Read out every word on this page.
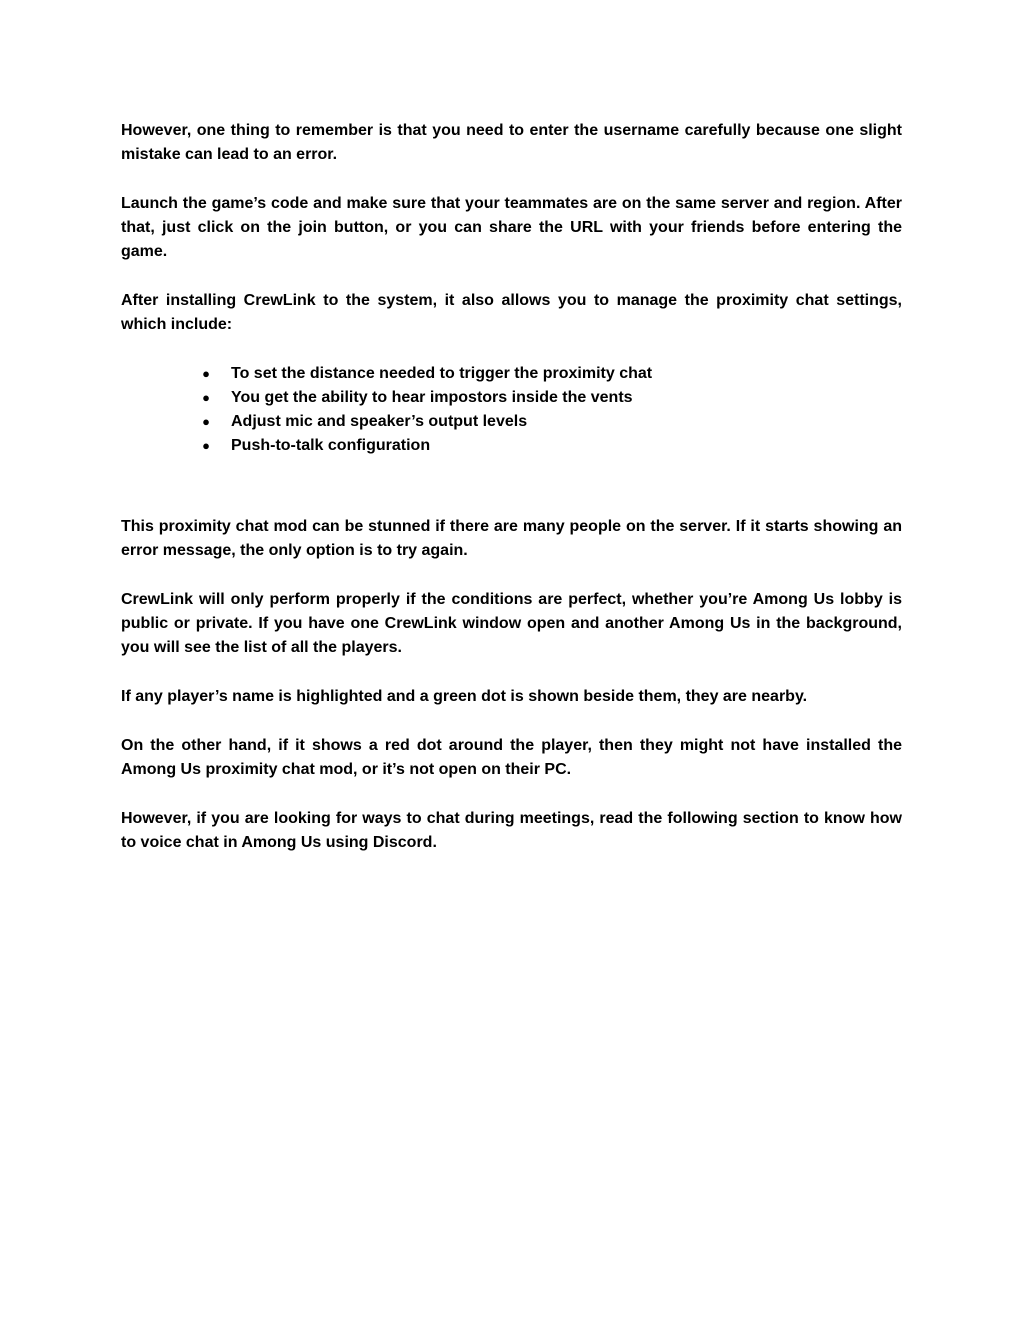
However, one thing to remember is that you need to enter the username carefully because one slight mistake can lead to an error.

Launch the game’s code and make sure that your teammates are on the same server and region. After that, just click on the join button, or you can share the URL with your friends before entering the game.

After installing CrewLink to the system, it also allows you to manage the proximity chat settings, which include:

● To set the distance needed to trigger the proximity chat
● You get the ability to hear impostors inside the vents
● Adjust mic and speaker’s output levels
● Push-to-talk configuration

This proximity chat mod can be stunned if there are many people on the server. If it starts showing an error message, the only option is to try again.

CrewLink will only perform properly if the conditions are perfect, whether you’re Among Us lobby is public or private. If you have one CrewLink window open and another Among Us in the background, you will see the list of all the players.

If any player’s name is highlighted and a green dot is shown beside them, they are nearby.

On the other hand, if it shows a red dot around the player, then they might not have installed the Among Us proximity chat mod, or it’s not open on their PC.

However, if you are looking for ways to chat during meetings, read the following section to know how to voice chat in Among Us using Discord.
